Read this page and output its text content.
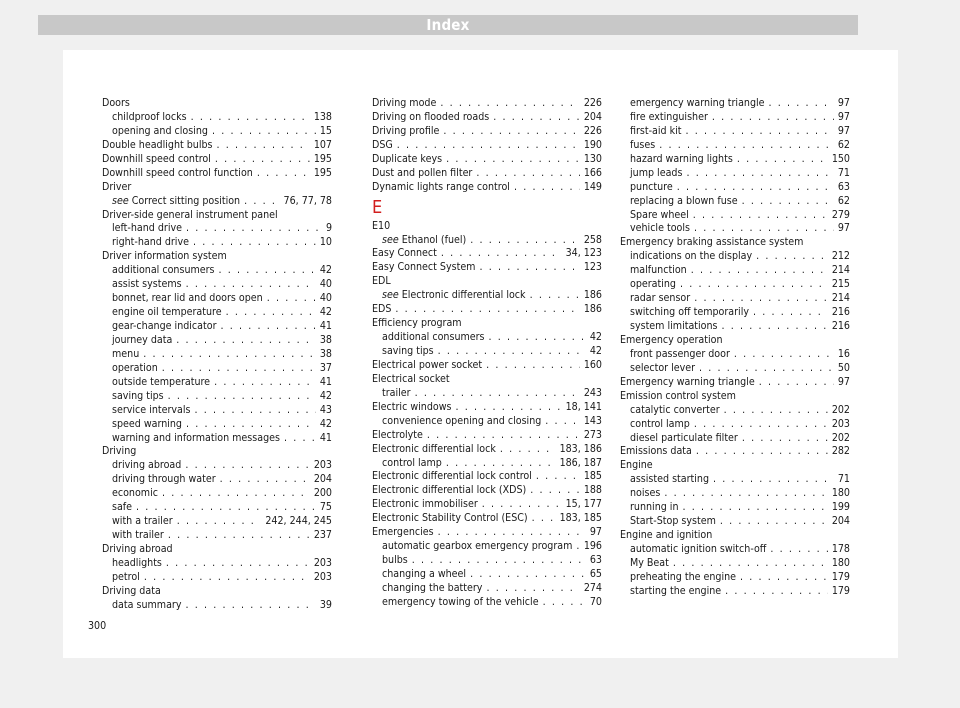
Index
Doors
childproof locks . . .	138
opening and closing . . .	15
Double headlight bulbs . . .	107
Downhill speed control . . .	195
Downhill speed control function . . .	195
Driver
see Correct sitting position . . .	76, 77, 78
Driver-side general instrument panel
left-hand drive . . .	9
right-hand drive . . .	10
Driver information system
additional consumers . . .	42
assist systems . . .	40
bonnet, rear lid and doors open . . .	40
engine oil temperature . . .	42
gear-change indicator . . .	41
journey data . . .	38
menu . . .	38
operation . . .	37
outside temperature . . .	41
saving tips . . .	42
service intervals . . .	43
speed warning . . .	42
warning and information messages . . .	41
Driving
driving abroad . . .	203
driving through water . . .	204
economic . . .	200
safe . . .	75
with a trailer . . .	242, 244, 245
with trailer . . .	237
Driving abroad
headlights . . .	203
petrol . . .	203
Driving data
data summary . . .	39
Driving mode . . .	226
Driving on flooded roads . . .	204
Driving profile . . .	226
DSG . . .	190
Duplicate keys . . .	130
Dust and pollen filter . . .	166
Dynamic lights range control . . .	149
E
E10
see Ethanol (fuel) . . .	258
Easy Connect . . .	34, 123
Easy Connect System . . .	123
EDL
see Electronic differential lock . . .	186
EDS . . .	186
Efficiency program
additional consumers . . .	42
saving tips . . .	42
Electrical power socket . . .	160
Electrical socket
trailer . . .	243
Electric windows . . .	18, 141
convenience opening and closing . . .	143
Electrolyte . . .	273
Electronic differential lock . . .	183, 186
control lamp . . .	186, 187
Electronic differential lock control . . .	185
Electronic differential lock (XDS) . . .	188
Electronic immobiliser . . .	15, 177
Electronic Stability Control (ESC) . . .	183, 185
Emergencies . . .	97
automatic gearbox emergency program . . . 196
bulbs . . .	63
changing a wheel . . .	65
changing the battery . . .	274
emergency towing of the vehicle . . .	70
emergency warning triangle . . .	97
fire extinguisher . . .	97
first-aid kit . . .	97
fuses . . .	62
hazard warning lights . . .	150
jump leads . . .	71
puncture . . .	63
replacing a blown fuse . . .	62
Spare wheel . . .	279
vehicle tools . . .	97
Emergency braking assistance system
indications on the display . . .	212
malfunction . . .	214
operating . . .	215
radar sensor . . .	214
switching off temporarily . . .	216
system limitations . . .	216
Emergency operation
front passenger door . . .	16
selector lever . . .	50
Emergency warning triangle . . .	97
Emission control system
catalytic converter . . .	202
control lamp . . .	203
diesel particulate filter . . .	202
Emissions data . . .	282
Engine
assisted starting . . .	71
noises . . .	180
running in . . .	199
Start-Stop system . . .	204
Engine and ignition
automatic ignition switch-off . . .	178
My Beat . . .	180
preheating the engine . . .	179
starting the engine . . .	179
300
